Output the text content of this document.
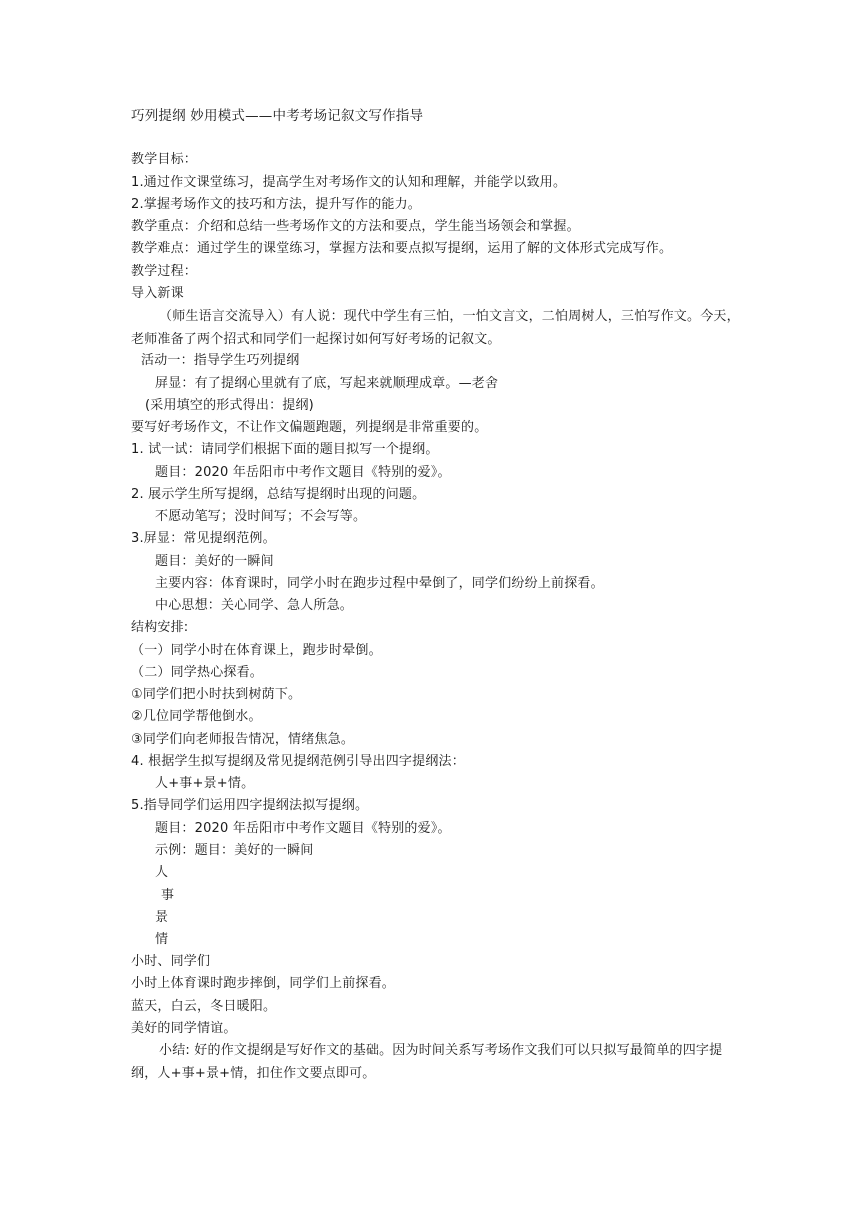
巧列提纲 妙用模式——中考考场记叙文写作指导
教学目标：
1.通过作文课堂练习，提高学生对考场作文的认知和理解，并能学以致用。
2.掌握考场作文的技巧和方法，提升写作的能力。
教学重点：介绍和总结一些考场作文的方法和要点，学生能当场领会和掌握。
教学难点：通过学生的课堂练习，掌握方法和要点拟写提纲，运用了解的文体形式完成写作。
教学过程：
导入新课
（师生语言交流导入）有人说：现代中学生有三怕，一怕文言文，二怕周树人，三怕写作文。今天，老师准备了两个招式和同学们一起探讨如何写好考场的记叙文。
活动一：指导学生巧列提纲
屏显：有了提纲心里就有了底，写起来就顺理成章。—老舍
(采用填空的形式得出：提纲)
要写好考场作文，不让作文偏题跑题，列提纲是非常重要的。
1. 试一试：请同学们根据下面的题目拟写一个提纲。
题目：2020 年岳阳市中考作文题目《特别的爱》。
2. 展示学生所写提纲，总结写提纲时出现的问题。
不愿动笔写；没时间写；不会写等。
3.屏显：常见提纲范例。
题目：美好的一瞬间
主要内容：体育课时，同学小时在跑步过程中晕倒了，同学们纷纷上前探看。
中心思想：关心同学、急人所急。
结构安排:
（一）同学小时在体育课上，跑步时晕倒。
（二）同学热心探看。
①同学们把小时扶到树荫下。
②几位同学帮他倒水。
③同学们向老师报告情况，情绪焦急。
4. 根据学生拟写提纲及常见提纲范例引导出四字提纲法：
人+事+景+情。
5.指导同学们运用四字提纲法拟写提纲。
题目：2020 年岳阳市中考作文题目《特别的爱》。
示例：题目：美好的一瞬间
人
事
景
情
小时、同学们
小时上体育课时跑步摔倒，同学们上前探看。
蓝天，白云，冬日暖阳。
美好的同学情谊。
小结: 好的作文提纲是写好作文的基础。因为时间关系写考场作文我们可以只拟写最简单的四字提纲，人+事+景+情，扣住作文要点即可。
